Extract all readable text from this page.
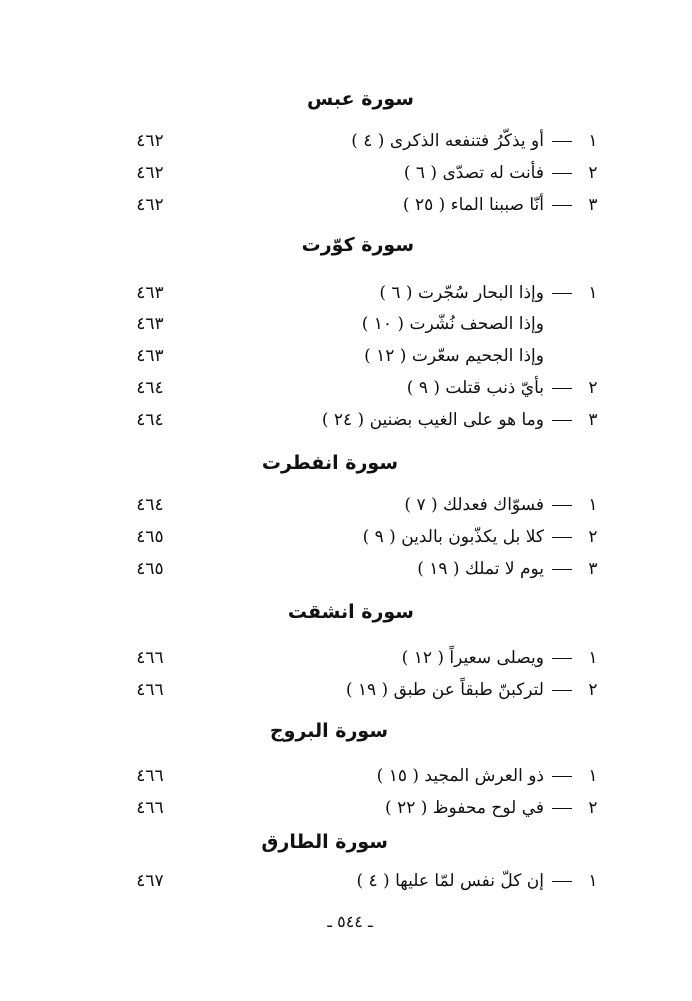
سورة عبس
١
أو يذكّرُ فتنفعه الذكرى ( ٤ )
٤٦٢
٢
فأنت له تصدّى ( ٦ )
٤٦٢
٣
أنّا صببنا الماء ( ٢٥ )
٤٦٢
سورة كوّرت
١
وإذا البحار سُجّرت ( ٦ )
٤٦٣
وإذا الصحف نُشّرت ( ١٠ )
٤٦٣
وإذا الجحيم سعّرت ( ١٢ )
٤٦٣
٢
بأيّ ذنب قتلت ( ٩ )
٤٦٤
٣
وما هو على الغيب بضنين ( ٢٤ )
٤٦٤
سورة انفطرت
١
فسوّاك فعدلك ( ٧ )
٤٦٤
٢
كلا بل يكذّبون بالدين ( ٩ )
٤٦٥
٣
يوم لا تملك ( ١٩ )
٤٦٥
سورة انشقت
١
ويصلى سعيراً ( ١٢ )
٤٦٦
٢
لتركبنّ طبقاً عن طبق ( ١٩ )
٤٦٦
سورة البروج
١
ذو العرش المجيد ( ١٥ )
٤٦٦
٢
في لوح محفوظ ( ٢٢ )
٤٦٦
سورة الطارق
١
إن كلّ نفس لمّا عليها ( ٤ )
٤٦٧
ـ ٥٤٤ ـ
